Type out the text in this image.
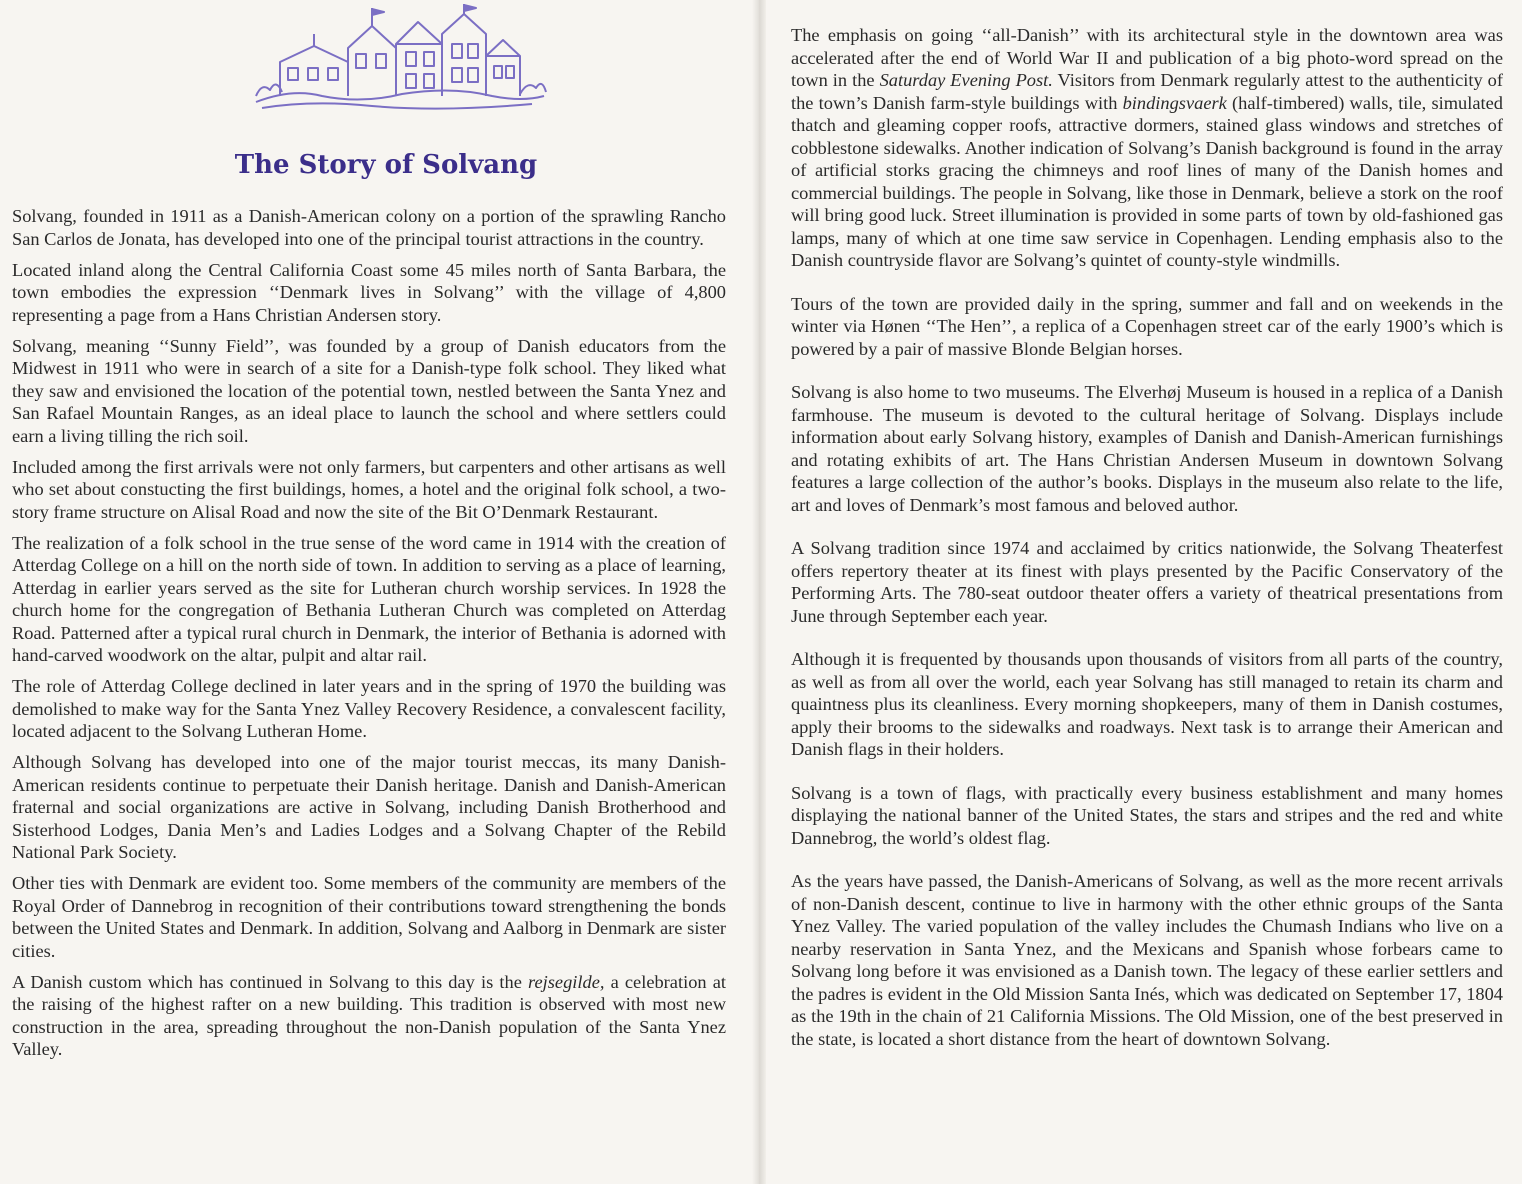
The Story of Solvang

Solvang, founded in 1911 as a Danish-American colony on a portion of the sprawling Rancho San Carlos de Jonata, has developed into one of the principal tourist attractions in the country.

Located inland along the Central California Coast some 45 miles north of Santa Barbara, the town embodies the expression ‘‘Denmark lives in Solvang’’ with the village of 4,800 representing a page from a Hans Christian Andersen story.

Solvang, meaning ‘‘Sunny Field’’, was founded by a group of Danish educators from the Midwest in 1911 who were in search of a site for a Danish-type folk school. They liked what they saw and envisioned the location of the potential town, nestled between the Santa Ynez and San Rafael Mountain Ranges, as an ideal place to launch the school and where settlers could earn a living tilling the rich soil.

Included among the first arrivals were not only farmers, but carpenters and other artisans as well who set about constucting the first buildings, homes, a hotel and the original folk school, a two-story frame structure on Alisal Road and now the site of the Bit O’Denmark Restaurant.

The realization of a folk school in the true sense of the word came in 1914 with the creation of Atterdag College on a hill on the north side of town. In addition to serving as a place of learning, Atterdag in earlier years served as the site for Lutheran church worship services. In 1928 the church home for the congregation of Bethania Lutheran Church was completed on Atterdag Road. Patterned after a typical rural church in Denmark, the interior of Bethania is adorned with hand-carved woodwork on the altar, pulpit and altar rail.

The role of Atterdag College declined in later years and in the spring of 1970 the building was demolished to make way for the Santa Ynez Valley Recovery Residence, a convalescent facility, located adjacent to the Solvang Lutheran Home.

Although Solvang has developed into one of the major tourist meccas, its many Danish-American residents continue to perpetuate their Danish heritage. Danish and Danish-American fraternal and social organizations are active in Solvang, including Danish Brotherhood and Sisterhood Lodges, Dania Men’s and Ladies Lodges and a Solvang Chapter of the Rebild National Park Society.

Other ties with Denmark are evident too. Some members of the community are members of the Royal Order of Dannebrog in recognition of their contributions toward strengthening the bonds between the United States and Denmark. In addition, Solvang and Aalborg in Denmark are sister cities.

A Danish custom which has continued in Solvang to this day is the rejsegilde, a celebration at the raising of the highest rafter on a new building. This tradition is observed with most new construction in the area, spreading throughout the non-Danish population of the Santa Ynez Valley.

The emphasis on going ‘‘all-Danish’’ with its architectural style in the downtown area was accelerated after the end of World War II and publication of a big photo-word spread on the town in the Saturday Evening Post. Visitors from Denmark regularly attest to the authenticity of the town’s Danish farm-style buildings with bindingsvaerk (half-timbered) walls, tile, simulated thatch and gleaming copper roofs, attractive dormers, stained glass windows and stretches of cobblestone sidewalks. Another indication of Solvang’s Danish background is found in the array of artificial storks gracing the chimneys and roof lines of many of the Danish homes and commercial buildings. The people in Solvang, like those in Denmark, believe a stork on the roof will bring good luck. Street illumination is provided in some parts of town by old-fashioned gas lamps, many of which at one time saw service in Copenhagen. Lending emphasis also to the Danish countryside flavor are Solvang’s quintet of county-style windmills.

Tours of the town are provided daily in the spring, summer and fall and on weekends in the winter via Hønen ‘‘The Hen’’, a replica of a Copenhagen street car of the early 1900’s which is powered by a pair of massive Blonde Belgian horses.

Solvang is also home to two museums. The Elverhøj Museum is housed in a replica of a Danish farmhouse. The museum is devoted to the cultural heritage of Solvang. Displays include information about early Solvang history, examples of Danish and Danish-American furnishings and rotating exhibits of art. The Hans Christian Andersen Museum in downtown Solvang features a large collection of the author’s books. Displays in the museum also relate to the life, art and loves of Denmark’s most famous and beloved author.

A Solvang tradition since 1974 and acclaimed by critics nationwide, the Solvang Theaterfest offers repertory theater at its finest with plays presented by the Pacific Conservatory of the Performing Arts. The 780-seat outdoor theater offers a variety of theatrical presentations from June through September each year.

Although it is frequented by thousands upon thousands of visitors from all parts of the country, as well as from all over the world, each year Solvang has still managed to retain its charm and quaintness plus its cleanliness. Every morning shopkeepers, many of them in Danish costumes, apply their brooms to the sidewalks and roadways. Next task is to arrange their American and Danish flags in their holders.

Solvang is a town of flags, with practically every business establishment and many homes displaying the national banner of the United States, the stars and stripes and the red and white Dannebrog, the world’s oldest flag.

As the years have passed, the Danish-Americans of Solvang, as well as the more recent arrivals of non-Danish descent, continue to live in harmony with the other ethnic groups of the Santa Ynez Valley. The varied population of the valley includes the Chumash Indians who live on a nearby reservation in Santa Ynez, and the Mexicans and Spanish whose forbears came to Solvang long before it was envisioned as a Danish town. The legacy of these earlier settlers and the padres is evident in the Old Mission Santa Inés, which was dedicated on September 17, 1804 as the 19th in the chain of 21 California Missions. The Old Mission, one of the best preserved in the state, is located a short distance from the heart of downtown Solvang.
